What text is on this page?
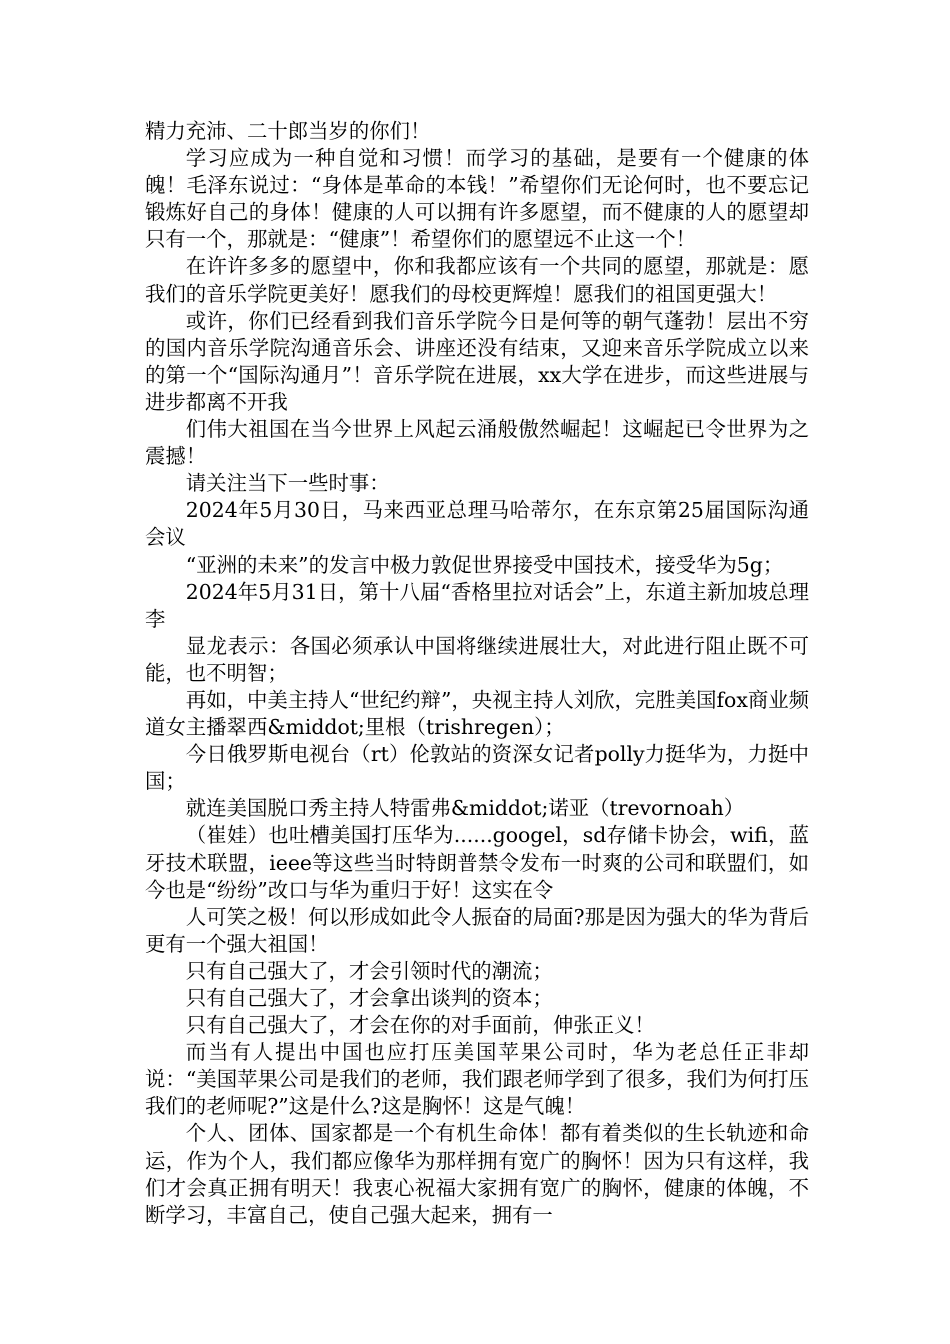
精力充沛、二十郎当岁的你们！

学习应成为一种自觉和习惯！而学习的基础，是要有一个健康的体魄！毛泽东说过：“身体是革命的本钱！”希望你们无论何时，也不要忘记锻炼好自己的身体！健康的人可以拥有许多愿望，而不健康的人的愿望却只有一个，那就是：“健康”！希望你们的愿望远不止这一个！

在许许多多的愿望中，你和我都应该有一个共同的愿望，那就是：愿我们的音乐学院更美好！愿我们的母校更辉煌！愿我们的祖国更强大！

或许，你们已经看到我们音乐学院今日是何等的朝气蓬勃！层出不穷的国内音乐学院沟通音乐会、讲座还没有结束，又迎来音乐学院成立以来的第一个“国际沟通月”！音乐学院在进展，xx大学在进步，而这些进展与进步都离不开我

们伟大祖国在当今世界上风起云涌般傲然崛起！这崛起已令世界为之震撼！

请关注当下一些时事：

2024年5月30日，马来西亚总理马哈蒂尔，在东京第25届国际沟通会议

“亚洲的未来”的发言中极力敦促世界接受中国技术，接受华为5g；

2024年5月31日，第十八届“香格里拉对话会”上，东道主新加坡总理李

显龙表示：各国必须承认中国将继续进展壮大，对此进行阻止既不可能，也不明智；

再如，中美主持人“世纪约辩”，央视主持人刘欣，完胜美国fox商业频道女主播翠西&middot;里根（trishregen）；

今日俄罗斯电视台（rt）伦敦站的资深女记者polly力挺华为，力挺中国；

就连美国脱口秀主持人特雷弗&middot;诺亚（trevornoah）

（崔娃）也吐槽美国打压华为......googel，sd存储卡协会，wifi，蓝牙技术联盟，ieee等这些当时特朗普禁令发布一时爽的公司和联盟们，如今也是“纷纷”改口与华为重归于好！这实在令

人可笑之极！何以形成如此令人振奋的局面?那是因为强大的华为背后更有一个强大祖国！

只有自己强大了，才会引领时代的潮流；

只有自己强大了，才会拿出谈判的资本；

只有自己强大了，才会在你的对手面前，伸张正义！

而当有人提出中国也应打压美国苹果公司时，华为老总任正非却说：“美国苹果公司是我们的老师，我们跟老师学到了很多，我们为何打压我们的老师呢?”这是什么?这是胸怀！这是气魄！

个人、团体、国家都是一个有机生命体！都有着类似的生长轨迹和命运，作为个人，我们都应像华为那样拥有宽广的胸怀！因为只有这样，我们才会真正拥有明天！我衷心祝福大家拥有宽广的胸怀，健康的体魄，不断学习，丰富自己，使自己强大起来，拥有一
